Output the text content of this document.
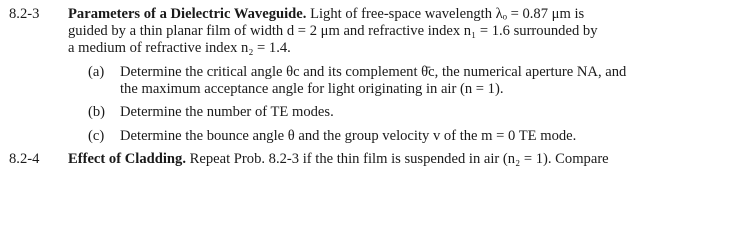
8.2-3 Parameters of a Dielectric Waveguide. Light of free-space wavelength λₒ = 0.87 μm is
guided by a thin planar film of width d = 2 μm and refractive index n₁ = 1.6 surrounded by
a medium of refractive index n₂ = 1.4.
(a) Determine the critical angle θc and its complement θ̄c, the numerical aperture NA, and
the maximum acceptance angle for light originating in air (n = 1).
(b) Determine the number of TE modes.
(c) Determine the bounce angle θ and the group velocity v of the m = 0 TE mode.
8.2-4 Effect of Cladding. Repeat Prob. 8.2-3 if the thin film is suspended in air (n₂ = 1). Compare
